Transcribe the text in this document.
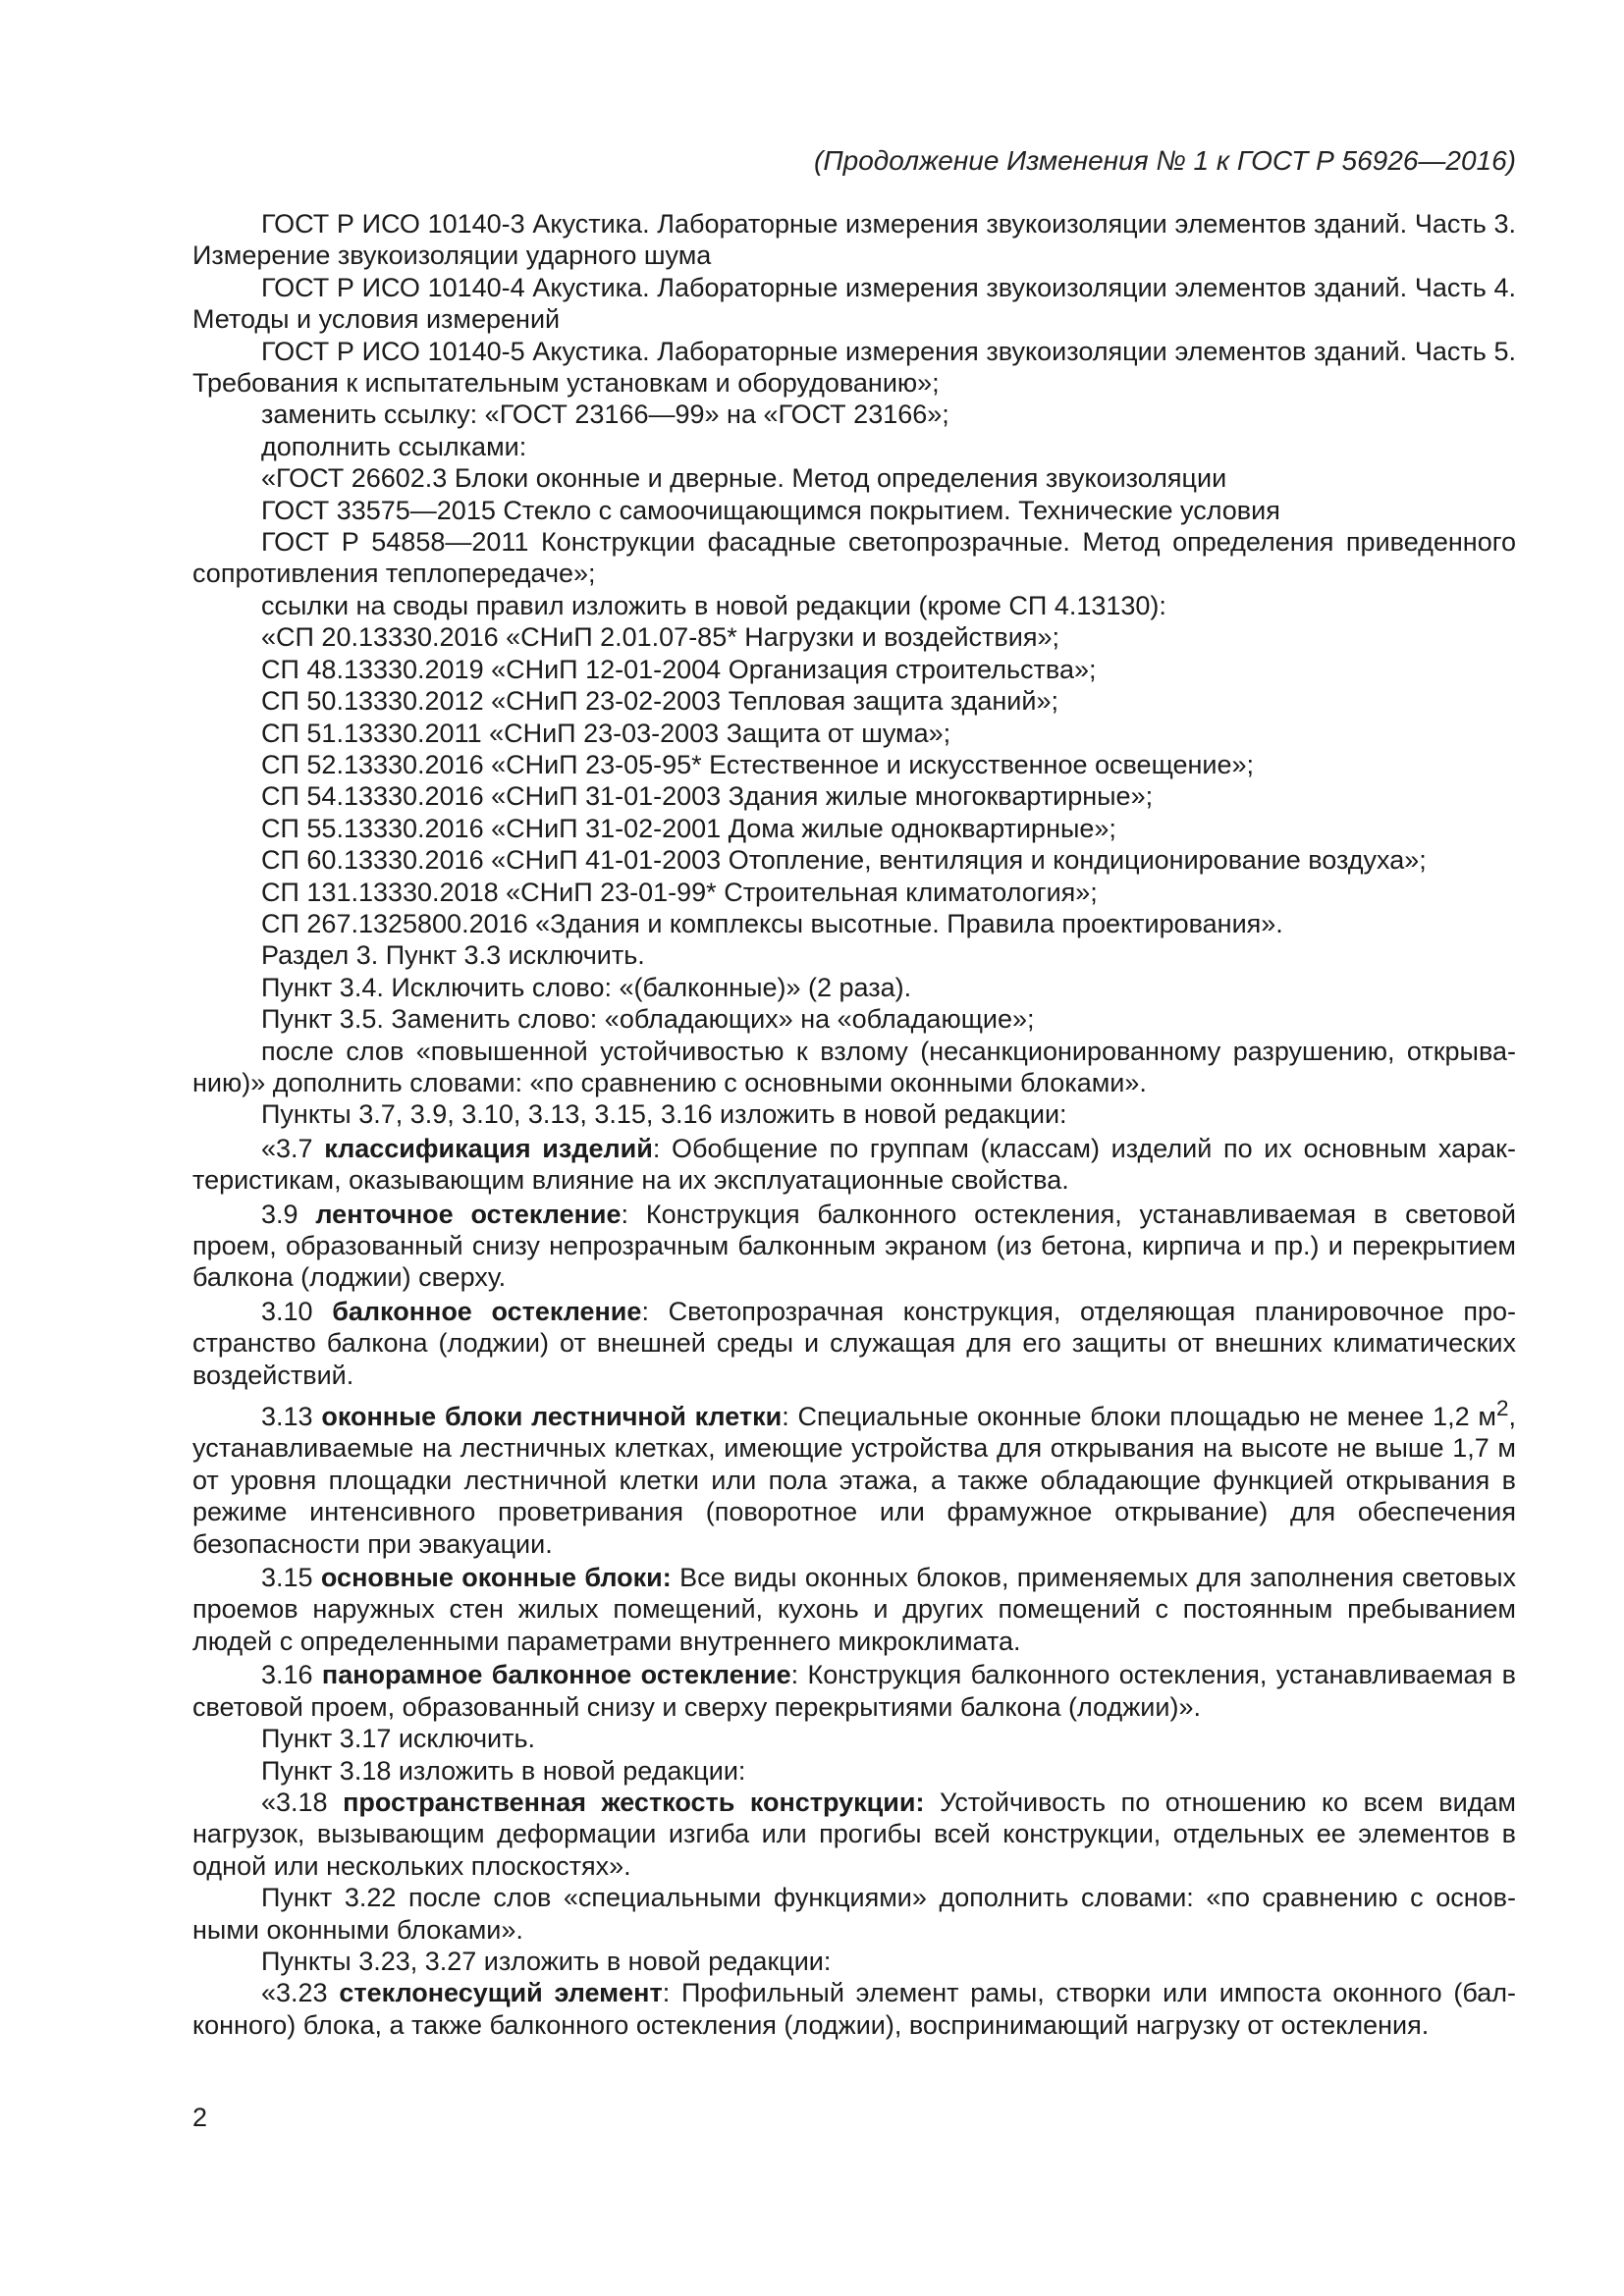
(Продолжение Изменения № 1 к ГОСТ Р 56926—2016)

ГОСТ Р ИСО 10140-3 Акустика. Лабораторные измерения звукоизоляции элементов зданий. Часть 3. Измерение звукоизоляции ударного шума

ГОСТ Р ИСО 10140-4 Акустика. Лабораторные измерения звукоизоляции элементов зданий. Часть 4. Методы и условия измерений

ГОСТ Р ИСО 10140-5 Акустика. Лабораторные измерения звукоизоляции элементов зданий. Часть 5. Требования к испытательным установкам и оборудованию»;

заменить ссылку: «ГОСТ 23166—99» на «ГОСТ 23166»;

дополнить ссылками:

«ГОСТ 26602.3 Блоки оконные и дверные. Метод определения звукоизоляции

ГОСТ 33575—2015 Стекло с самоочищающимся покрытием. Технические условия

ГОСТ Р 54858—2011 Конструкции фасадные светопрозрачные. Метод определения приведенного сопротивления теплопередаче»;

ссылки на своды правил изложить в новой редакции (кроме СП 4.13130):

«СП 20.13330.2016 «СНиП 2.01.07-85* Нагрузки и воздействия»;

СП 48.13330.2019 «СНиП 12-01-2004 Организация строительства»;

СП 50.13330.2012 «СНиП 23-02-2003 Тепловая защита зданий»;

СП 51.13330.2011 «СНиП 23-03-2003 Защита от шума»;

СП 52.13330.2016 «СНиП 23-05-95* Естественное и искусственное освещение»;

СП 54.13330.2016 «СНиП 31-01-2003 Здания жилые многоквартирные»;

СП 55.13330.2016 «СНиП 31-02-2001 Дома жилые одноквартирные»;

СП 60.13330.2016 «СНиП 41-01-2003 Отопление, вентиляция и кондиционирование воздуха»;

СП 131.13330.2018 «СНиП 23-01-99* Строительная климатология»;

СП 267.1325800.2016 «Здания и комплексы высотные. Правила проектирования».

Раздел 3. Пункт 3.3 исключить.

Пункт 3.4. Исключить слово: «(балконные)» (2 раза).

Пункт 3.5. Заменить слово: «обладающих» на «обладающие»;

после слов «повышенной устойчивостью к взлому (несанкционированному разрушению, открыванию)» дополнить словами: «по сравнению с основными оконными блоками».

Пункты 3.7, 3.9, 3.10, 3.13, 3.15, 3.16 изложить в новой редакции:

«3.7 классификация изделий: Обобщение по группам (классам) изделий по их основным характеристикам, оказывающим влияние на их эксплуатационные свойства.

3.9 ленточное остекление: Конструкция балконного остекления, устанавливаемая в световой проем, образованный снизу непрозрачным балконным экраном (из бетона, кирпича и пр.) и перекрытием балкона (лоджии) сверху.

3.10 балконное остекление: Светопрозрачная конструкция, отделяющая планировочное пространство балкона (лоджии) от внешней среды и служащая для его защиты от внешних климатических воздействий.

3.13 оконные блоки лестничной клетки: Специальные оконные блоки площадью не менее 1,2 $м^2$, устанавливаемые на лестничных клетках, имеющие устройства для открывания на высоте не выше 1,7 м от уровня площадки лестничной клетки или пола этажа, а также обладающие функцией открывания в режиме интенсивного проветривания (поворотное или фрамужное открывание) для обеспечения безопасности при эвакуации.

3.15 основные оконные блоки: Все виды оконных блоков, применяемых для заполнения световых проемов наружных стен жилых помещений, кухонь и других помещений с постоянным пребыванием людей с определенными параметрами внутреннего микроклимата.

3.16 панорамное балконное остекление: Конструкция балконного остекления, устанавливаемая в световой проем, образованный снизу и сверху перекрытиями балкона (лоджии)».

Пункт 3.17 исключить.

Пункт 3.18 изложить в новой редакции:

«3.18 пространственная жесткость конструкции: Устойчивость по отношению ко всем видам нагрузок, вызывающим деформации изгиба или прогибы всей конструкции, отдельных ее элементов в одной или нескольких плоскостях».

Пункт 3.22 после слов «специальными функциями» дополнить словами: «по сравнению с основными оконными блоками».

Пункты 3.23, 3.27 изложить в новой редакции:

«3.23 стеклонесущий элемент: Профильный элемент рамы, створки или импоста оконного (балконного) блока, а также балконного остекления (лоджии), воспринимающий нагрузку от остекления.

2
